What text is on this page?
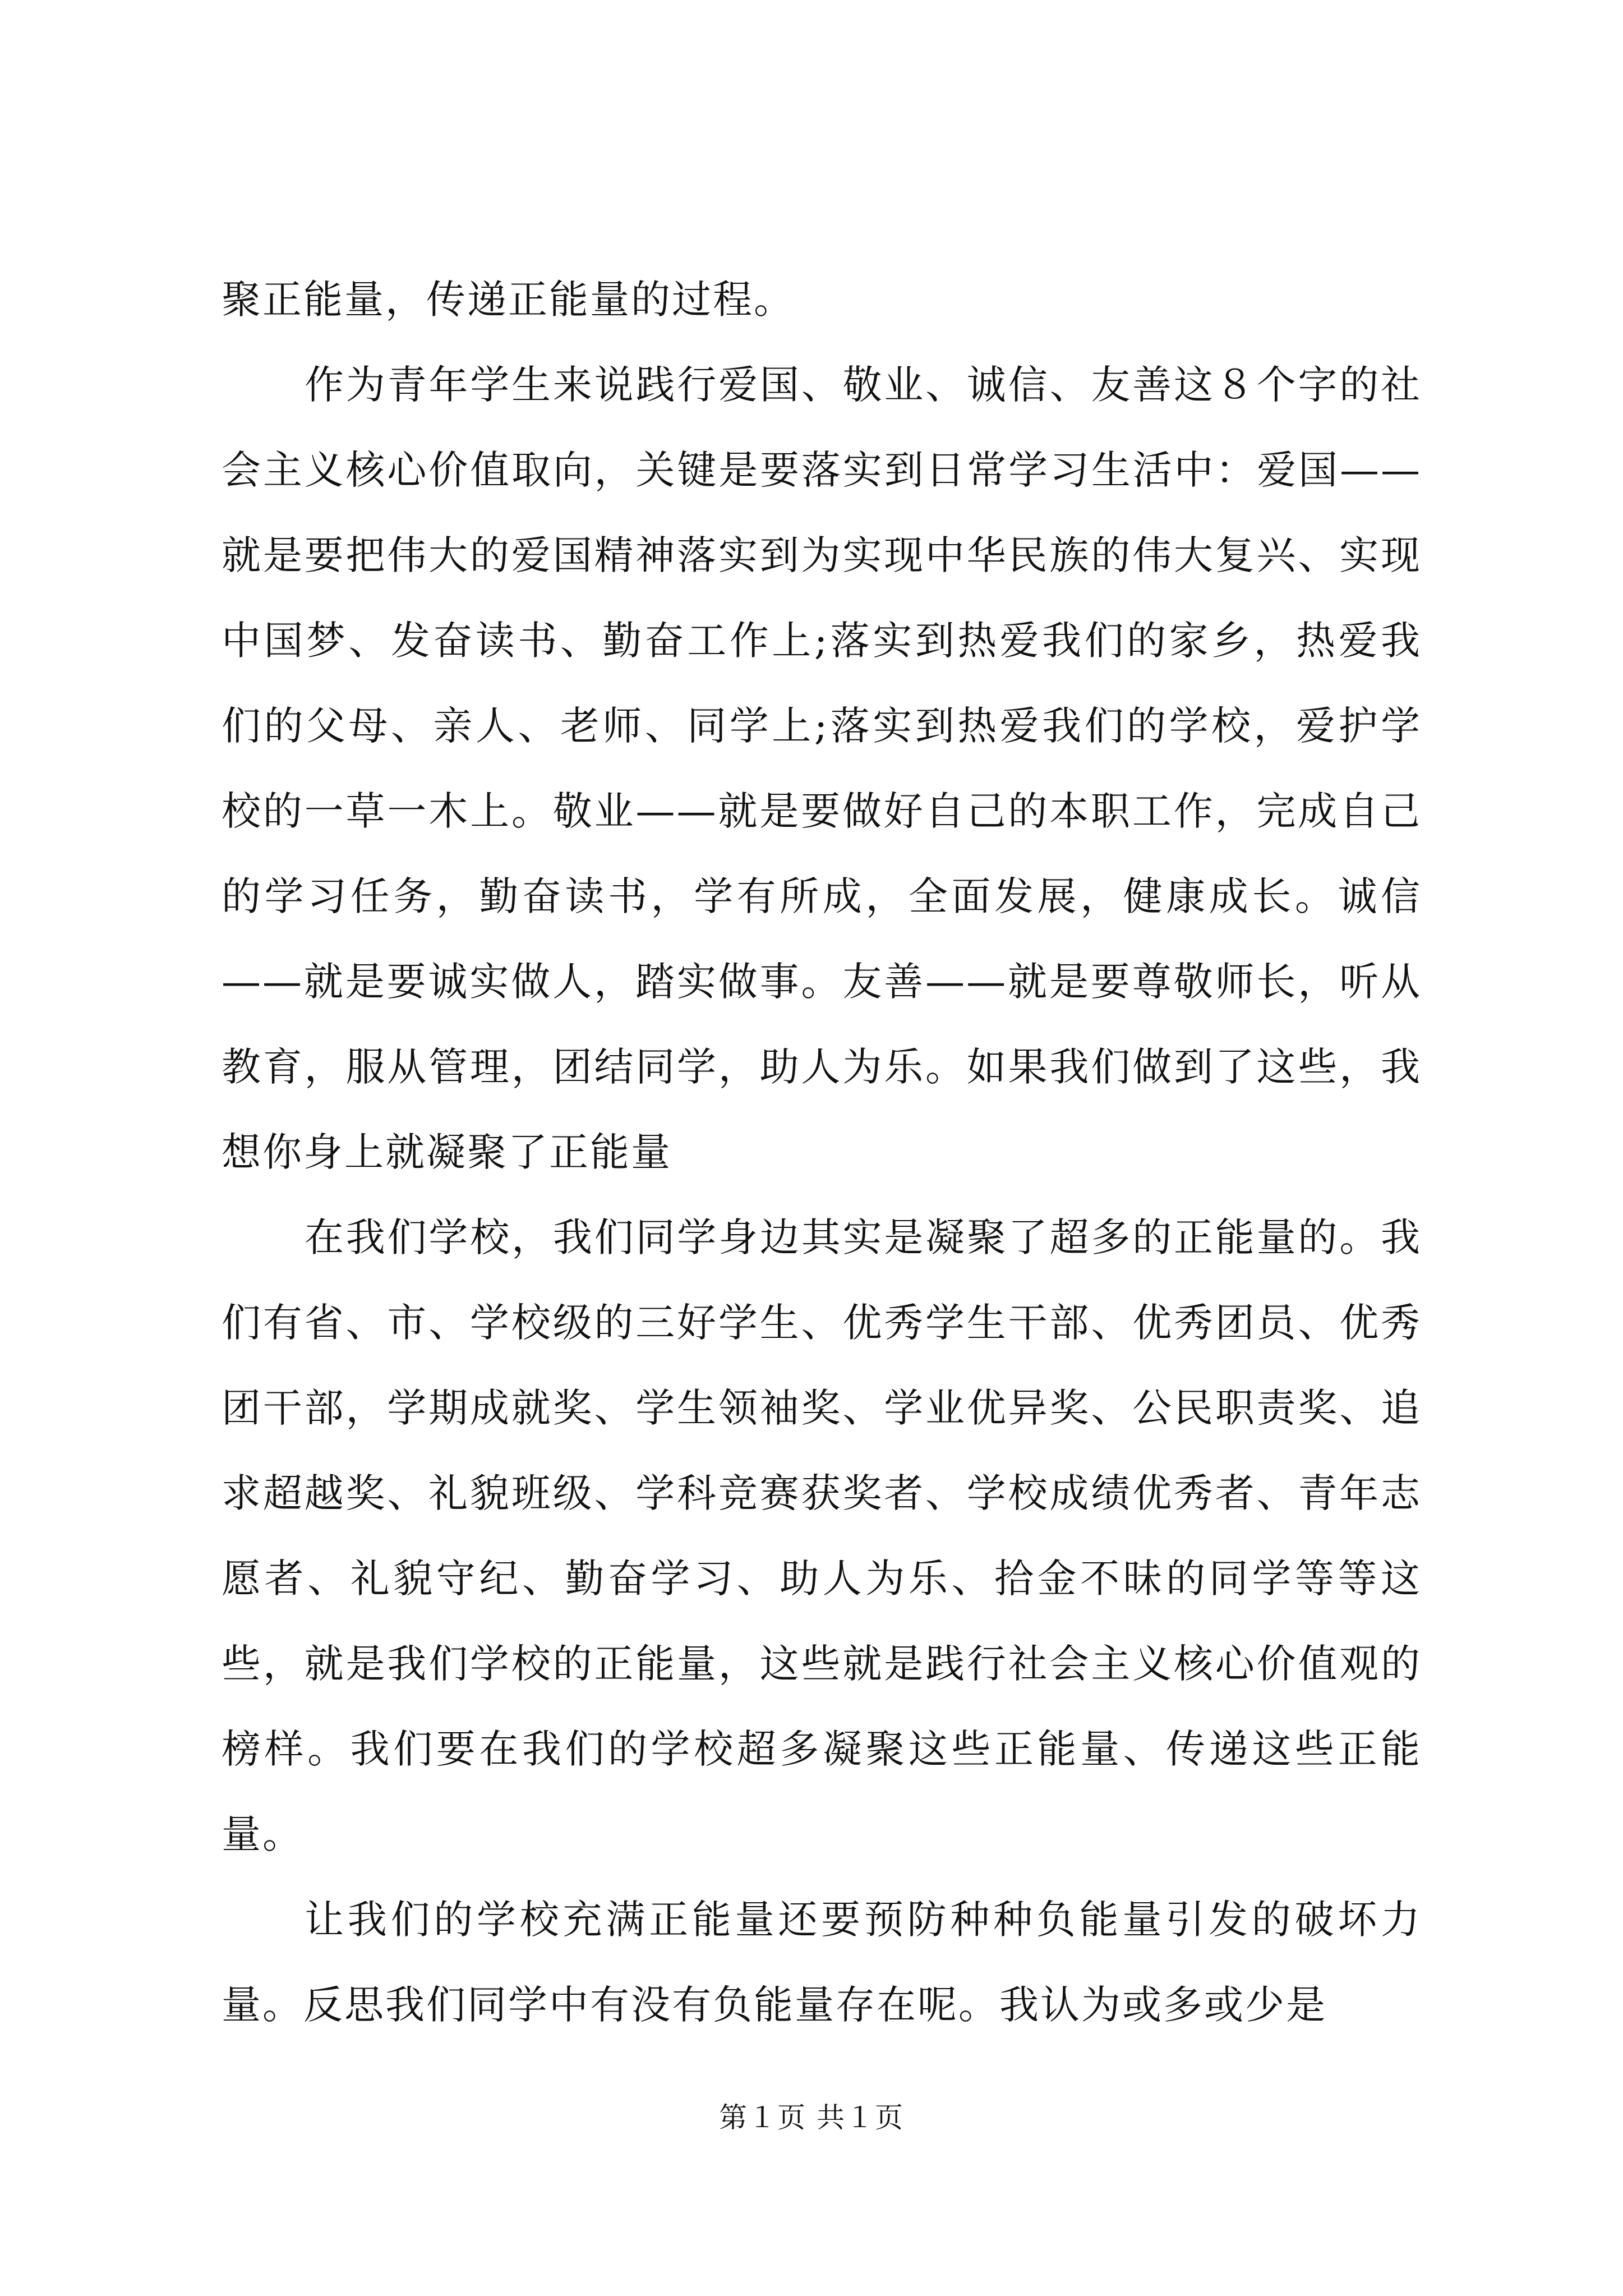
聚正能量，传递正能量的过程。

作为青年学生来说践行爱国、敬业、诚信、友善这８个字的社会主义核心价值取向，关键是要落实到日常学习生活中：爱国——就是要把伟大的爱国精神落实到为实现中华民族的伟大复兴、实现中国梦、发奋读书、勤奋工作上;落实到热爱我们的家乡，热爱我们的父母、亲人、老师、同学上;落实到热爱我们的学校，爱护学校的一草一木上。敬业——就是要做好自己的本职工作，完成自己的学习任务，勤奋读书，学有所成，全面发展，健康成长。诚信——就是要诚实做人，踏实做事。友善——就是要尊敬师长，听从教育，服从管理，团结同学，助人为乐。如果我们做到了这些，我想你身上就凝聚了正能量

在我们学校，我们同学身边其实是凝聚了超多的正能量的。我们有省、市、学校级的三好学生、优秀学生干部、优秀团员、优秀团干部，学期成就奖、学生领袖奖、学业优异奖、公民职责奖、追求超越奖、礼貌班级、学科竞赛获奖者、学校成绩优秀者、青年志愿者、礼貌守纪、勤奋学习、助人为乐、拾金不昧的同学等等这些，就是我们学校的正能量，这些就是践行社会主义核心价值观的榜样。我们要在我们的学校超多凝聚这些正能量、传递这些正能量。

让我们的学校充满正能量还要预防种种负能量引发的破坏力量。反思我们同学中有没有负能量存在呢。我认为或多或少是

第１页 共１页
